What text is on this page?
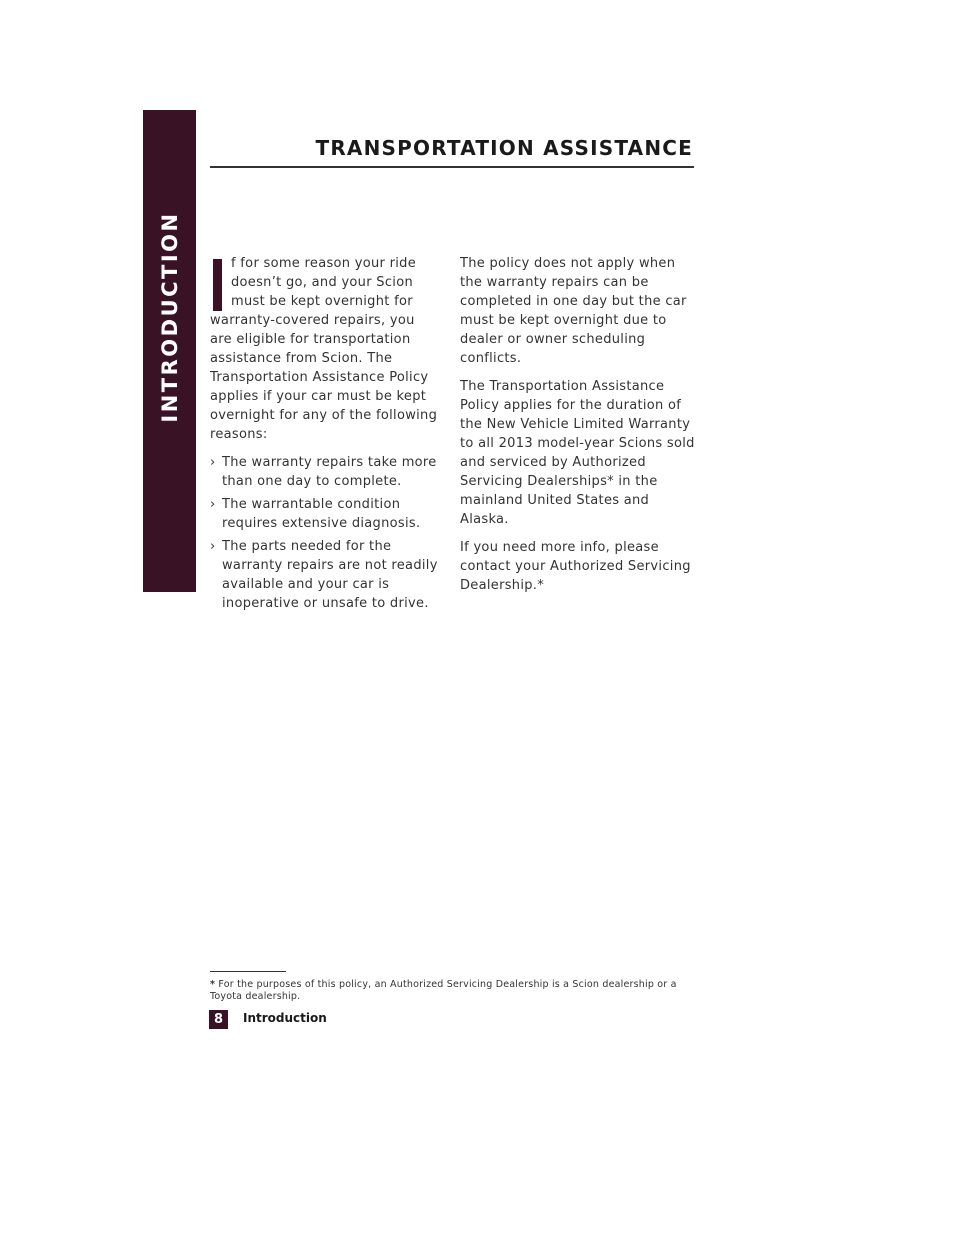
INTRODUCTION
TRANSPORTATION ASSISTANCE

f for some reason your ride doesn’t go, and your Scion must be kept overnight for warranty-covered repairs, you are eligible for transportation assistance from Scion. The Transportation Assistance Policy applies if your car must be kept overnight for any of the following reasons:

› The warranty repairs take more than one day to complete.
› The warrantable condition requires extensive diagnosis.
› The parts needed for the warranty repairs are not readily available and your car is inoperative or unsafe to drive.

The policy does not apply when the warranty repairs can be completed in one day but the car must be kept overnight due to dealer or owner scheduling conflicts.

The Transportation Assistance Policy applies for the duration of the New Vehicle Limited Warranty to all 2013 model-year Scions sold and serviced by Authorized Servicing Dealerships* in the mainland United States and Alaska.

If you need more info, please contact your Authorized Servicing Dealership.*

* For the purposes of this policy, an Authorized Servicing Dealership is a Scion dealership or a Toyota dealership.
8	Introduction
